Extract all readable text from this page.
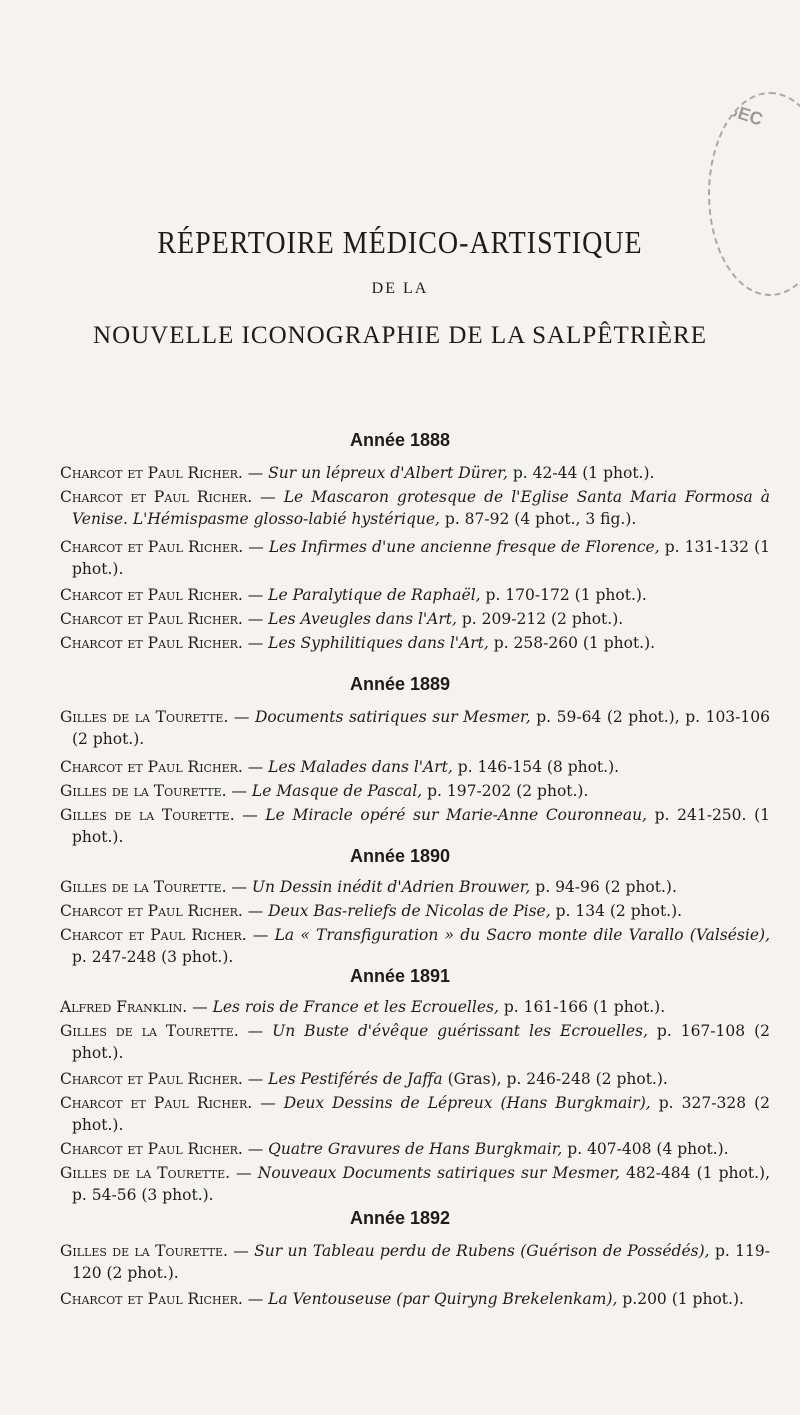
GEC
RÉPERTOIRE MÉDICO-ARTISTIQUE
DE LA
NOUVELLE ICONOGRAPHIE DE LA SALPÊTRIÈRE
Année 1888
Charcot et Paul Richer. — Sur un lépreux d'Albert Dürer, p. 42-44 (1 phot.).
Charcot et Paul Richer. — Le Mascaron grotesque de l'Eglise Santa Maria Formosa à Venise. L'Hémispasme glosso-labié hystérique, p. 87-92 (4 phot., 3 fig.).
Charcot et Paul Richer. — Les Infirmes d'une ancienne fresque de Florence, p. 131-132 (1 phot.).
Charcot et Paul Richer. — Le Paralytique de Raphaël, p. 170-172 (1 phot.).
Charcot et Paul Richer. — Les Aveugles dans l'Art, p. 209-212 (2 phot.).
Charcot et Paul Richer. — Les Syphilitiques dans l'Art, p. 258-260 (1 phot.).
Année 1889
Gilles de la Tourette. — Documents satiriques sur Mesmer, p. 59-64 (2 phot.), p. 103-106 (2 phot.).
Charcot et Paul Richer. — Les Malades dans l'Art, p. 146-154 (8 phot.).
Gilles de la Tourette. — Le Masque de Pascal, p. 197-202 (2 phot.).
Gilles de la Tourette. — Le Miracle opéré sur Marie-Anne Couronneau, p. 241-250. (1 phot.).
Année 1890
Gilles de la Tourette. — Un Dessin inédit d'Adrien Brouwer, p. 94-96 (2 phot.).
Charcot et Paul Richer. — Deux Bas-reliefs de Nicolas de Pise, p. 134 (2 phot.).
Charcot et Paul Richer. — La « Transfiguration » du Sacro monte dile Varallo (Valsésie), p. 247-248 (3 phot.).
Année 1891
Alfred Franklin. — Les rois de France et les Ecrouelles, p. 161-166 (1 phot.).
Gilles de la Tourette. — Un Buste d'évêque guérissant les Ecrouelles, p. 167-108 (2 phot.).
Charcot et Paul Richer. — Les Pestiférés de Jaffa (Gras), p. 246-248 (2 phot.).
Charcot et Paul Richer. — Deux Dessins de Lépreux (Hans Burgkmair), p. 327-328 (2 phot.).
Charcot et Paul Richer. — Quatre Gravures de Hans Burgkmair, p. 407-408 (4 phot.).
Gilles de la Tourette. — Nouveaux Documents satiriques sur Mesmer, 482-484 (1 phot.), p. 54-56 (3 phot.).
Année 1892
Gilles de la Tourette. — Sur un Tableau perdu de Rubens (Guérison de Possédés), p. 119-120 (2 phot.).
Charcot et Paul Richer. — La Ventouseuse (par Quiryng Brekelenkam), p.200 (1 phot.).
